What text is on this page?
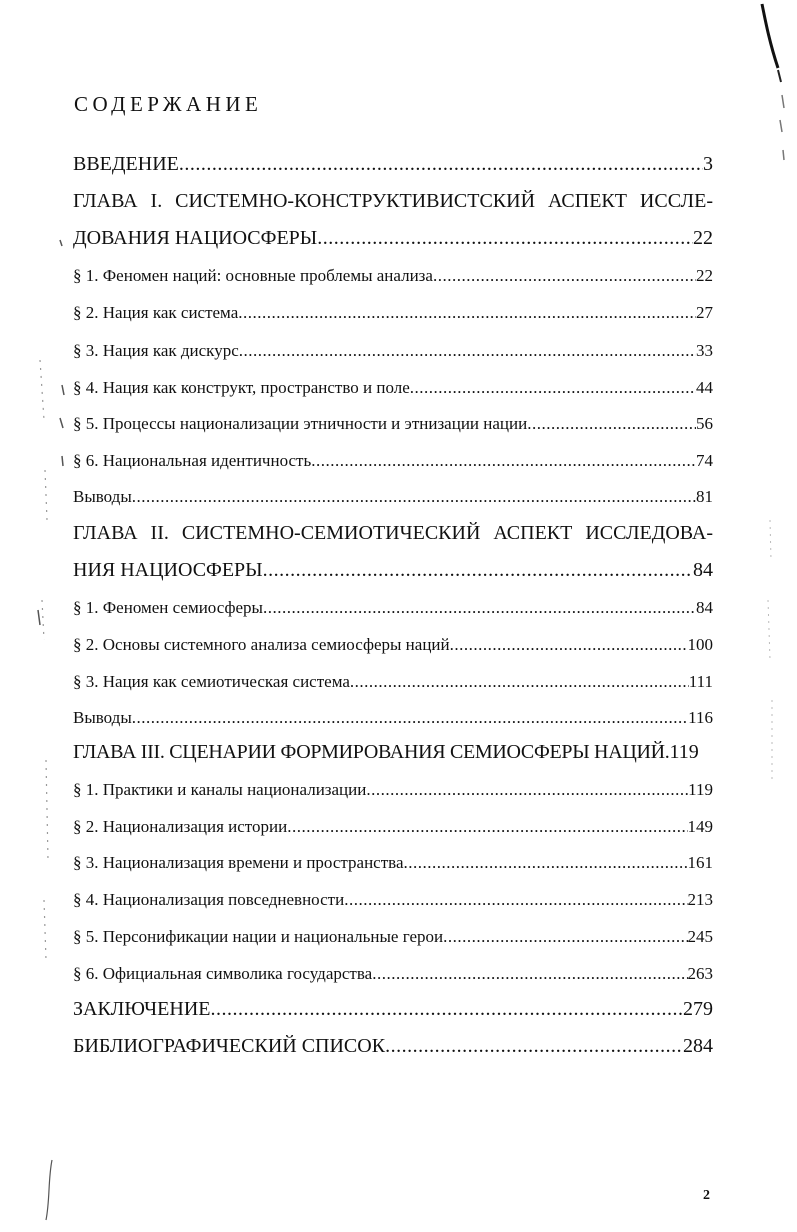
СОДЕРЖАНИЕ
ВВЕДЕНИЕ .....	3
ГЛАВА I. СИСТЕМНО-КОНСТРУКТИВИСТСКИЙ АСПЕКТ ИССЛЕ-
ДОВАНИЯ НАЦИОСФЕРЫ .....	22
§ 1. Феномен наций: основные проблемы анализа .....	22
§ 2. Нация как система .....	27
§ 3. Нация как дискурс .....	33
§ 4. Нация как конструкт, пространство и поле .....	44
§ 5. Процессы национализации этничности и этнизации нации .....	56
§ 6. Национальная идентичность .....	74
Выводы .....	81
ГЛАВА II. СИСТЕМНО-СЕМИОТИЧЕСКИЙ АСПЕКТ ИССЛЕДОВА-
НИЯ НАЦИОСФЕРЫ .....	84
§ 1. Феномен семиосферы .....	84
§ 2. Основы системного анализа семиосферы наций .....	100
§ 3. Нация как семиотическая система .....	111
Выводы .....	116
ГЛАВА III. СЦЕНАРИИ ФОРМИРОВАНИЯ СЕМИОСФЕРЫ НАЦИЙ. 119
§ 1. Практики и каналы национализации .....	119
§ 2. Национализация истории .....	149
§ 3. Национализация времени и пространства .....	161
§ 4. Национализация повседневности .....	213
§ 5. Персонификации нации и национальные герои .....	245
§ 6. Официальная символика государства .....	263
ЗАКЛЮЧЕНИЕ .....	279
БИБЛИОГРАФИЧЕСКИЙ СПИСОК .....	284
2
